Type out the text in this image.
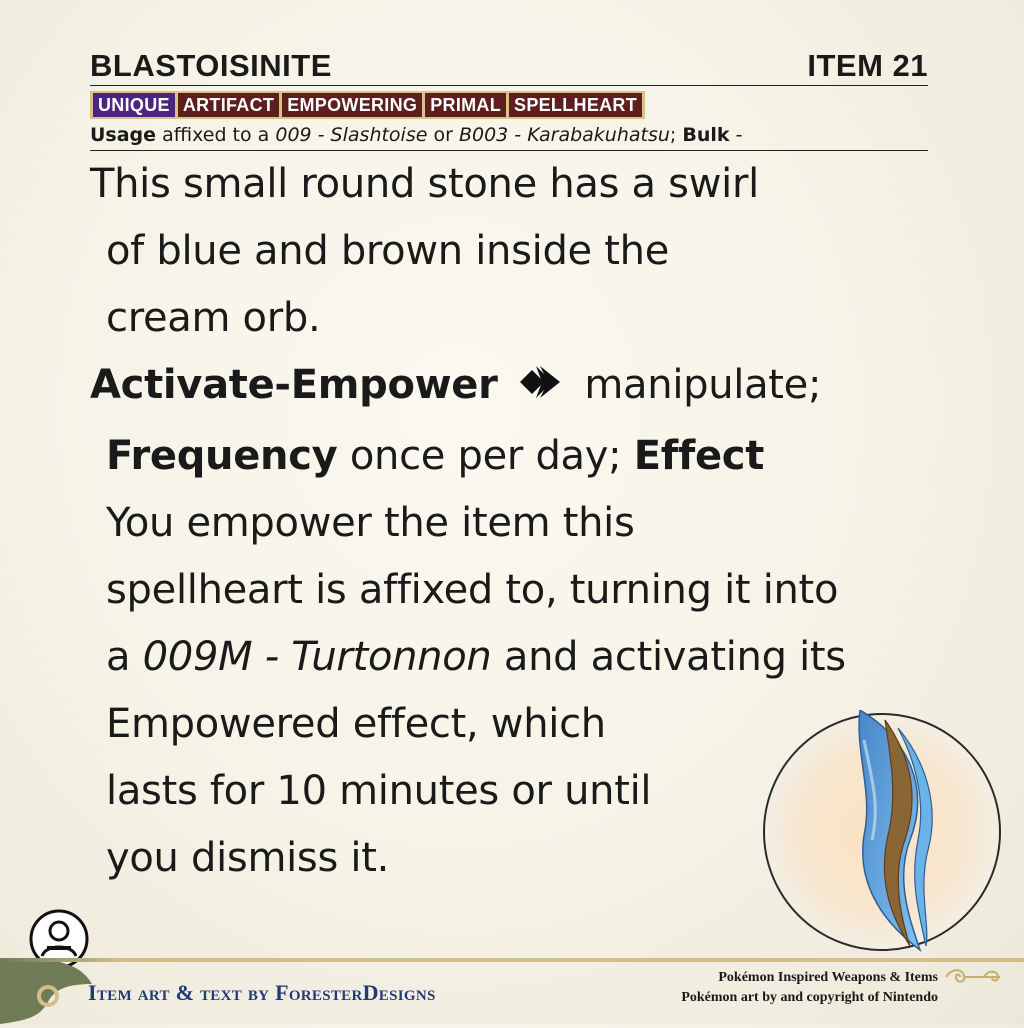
BLASTOISINITE	ITEM 21
UNIQUE ARTIFACT EMPOWERING PRIMAL SPELLHEART
Usage affixed to a 009 - Slashtoise or B003 - Karabakuhatsu; Bulk -
This small round stone has a swirl
of blue and brown inside the
cream orb.
Activate-Empower manipulate;
Frequency once per day; Effect
You empower the item this
spellheart is affixed to, turning it into
a 009M - Turtonnon and activating its
Empowered effect, which
lasts for 10 minutes or until
you dismiss it.
Item art & text by ForesterDesigns
Pokémon Inspired Weapons & Items
Pokémon art by and copyright of Nintendo
